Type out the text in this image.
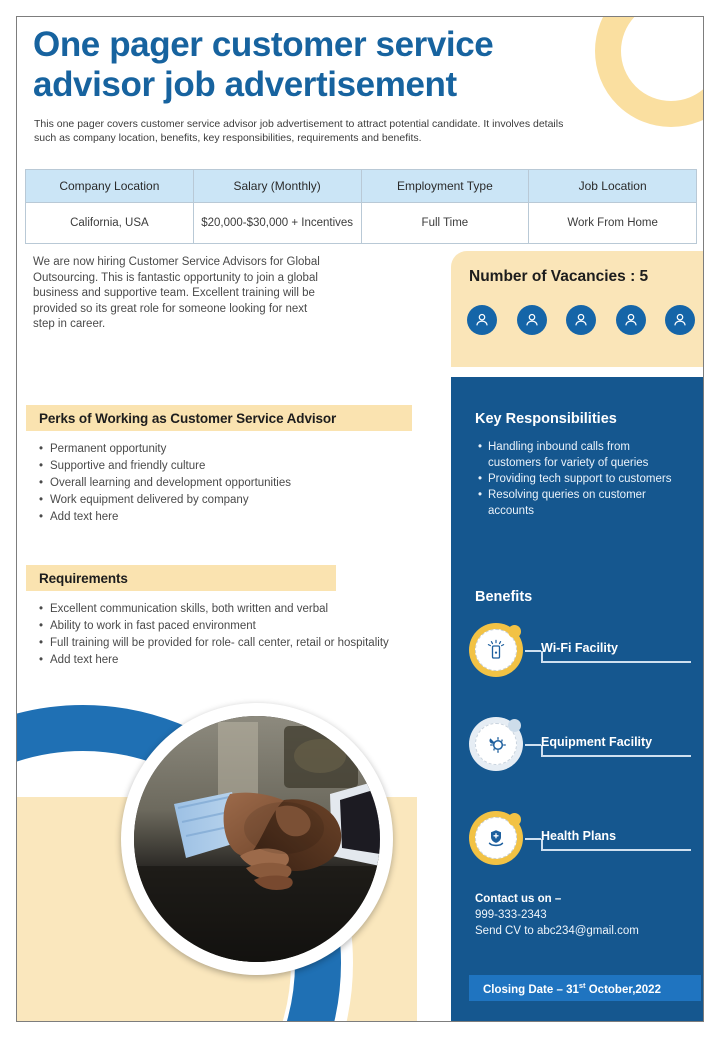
One pager customer service advisor job advertisement
This one pager covers customer service advisor job advertisement to attract potential candidate. It involves details such as company location, benefits, key responsibilities, requirements and benefits.
Company Location	Salary (Monthly)	Employment Type	Job Location
California, USA	$20,000-$30,000 + Incentives	Full Time	Work From Home
We are now hiring Customer Service Advisors for Global Outsourcing. This is fantastic opportunity to join a global business and supportive team. Excellent training will be provided so its great role for someone looking for next step in career.
Perks of Working as Customer Service Advisor
• Permanent opportunity
• Supportive and friendly culture
• Overall learning and development opportunities
• Work equipment delivered by company
• Add text here
Requirements
• Excellent communication skills, both written and verbal
• Ability to work in fast paced environment
• Full training will be provided for role- call center, retail or hospitality
• Add text here
Number of Vacancies : 5
Key Responsibilities
• Handling inbound calls from customers for variety of queries
• Providing tech support to customers
• Resolving queries on customer accounts
Benefits
Wi-Fi Facility
Equipment Facility
Health Plans
Contact us on –
999-333-2343
Send CV to abc234@gmail.com
Closing Date – 31st October,2022
